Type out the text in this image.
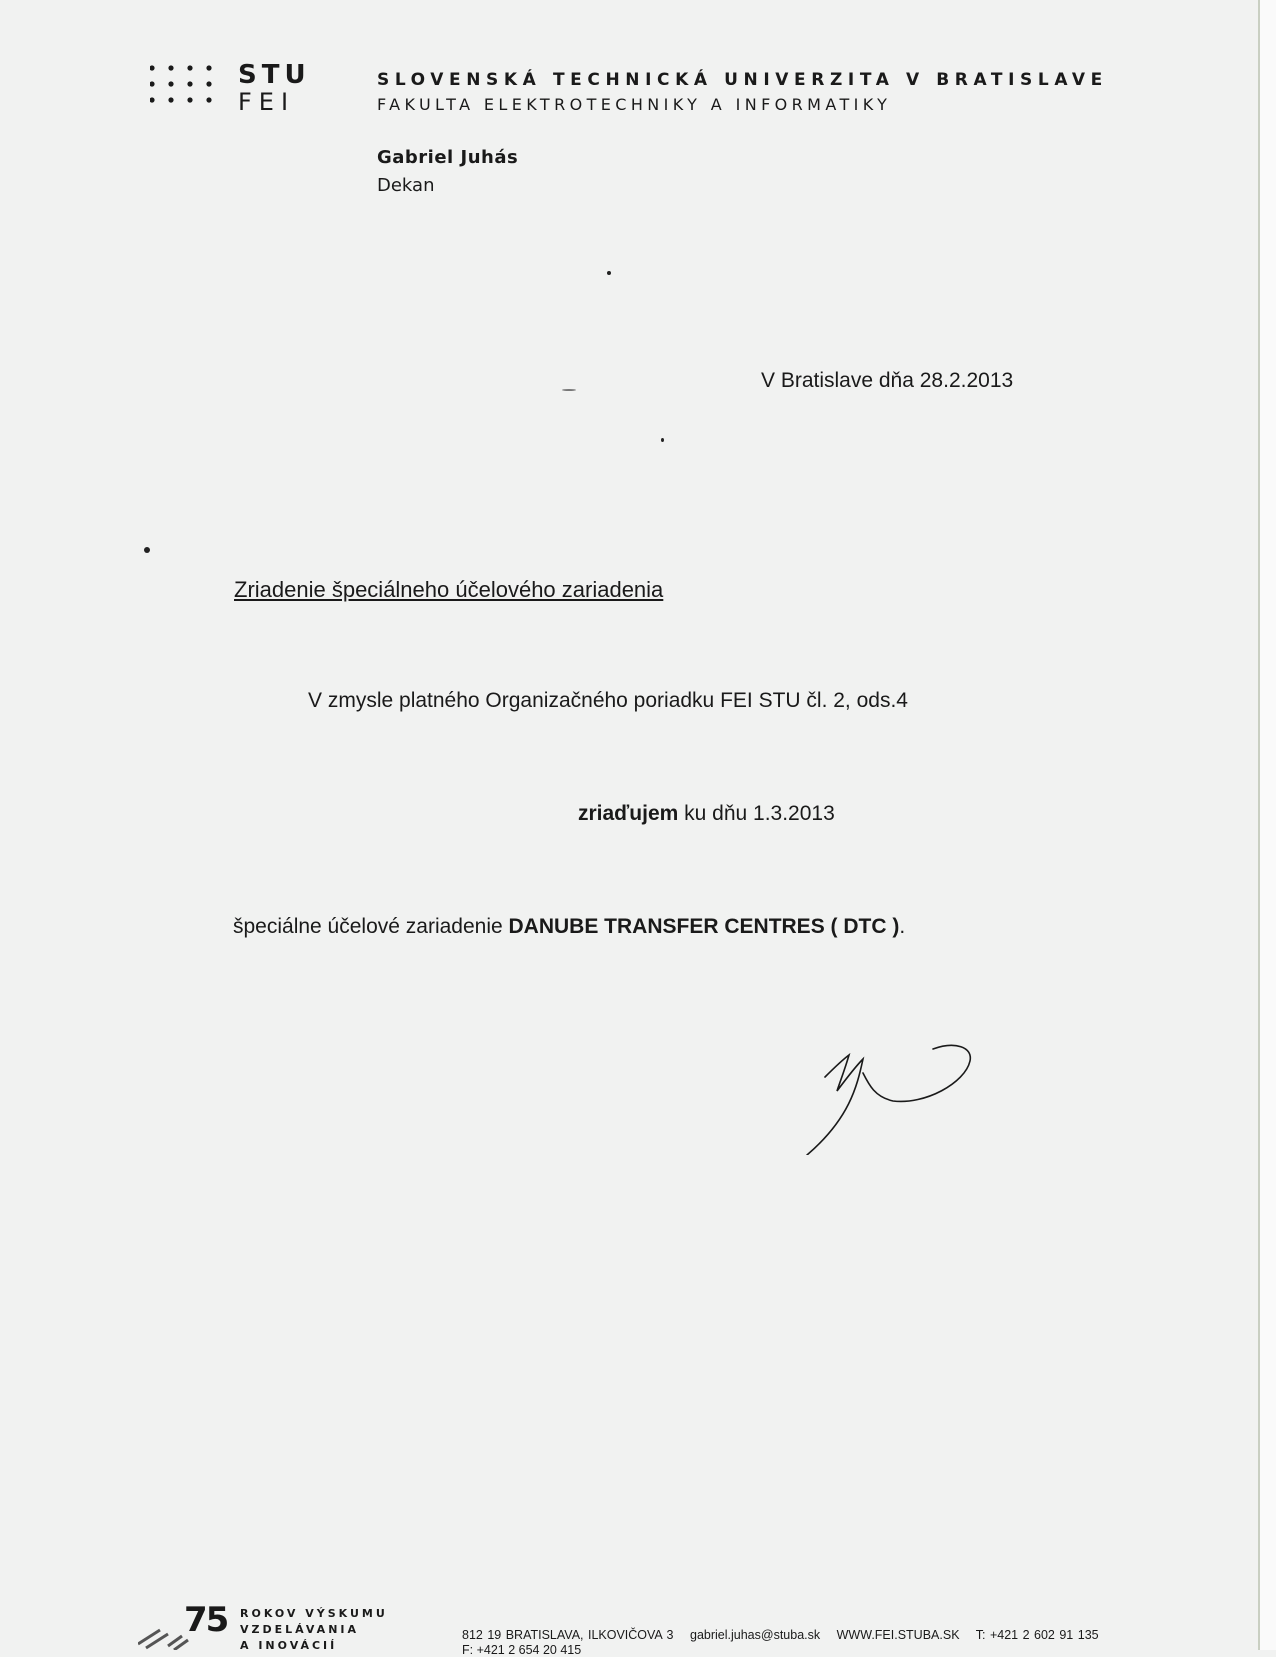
STU
FEI
SLOVENSKÁ TECHNICKÁ UNIVERZITA V BRATISLAVE
FAKULTA ELEKTROTECHNIKY A INFORMATIKY
Gabriel Juhás
Dekan
V Bratislave dňa 28.2.2013
Zriadenie špeciálneho účelového zariadenia
V zmysle platného Organizačného poriadku FEI STU čl. 2, ods.4
zriaďujem ku dňu 1.3.2013
špeciálne účelové zariadenie DANUBE TRANSFER CENTRES ( DTC ).
75 ROKOV VÝSKUMU
VZDELÁVANIA
A INOVÁCIÍ
812 19 BRATISLAVA, ILKOVIČOVA 3 gabriel.juhas@stuba.sk WWW.FEI.STUBA.SK T: +421 2 602 91 135
F: +421 2 654 20 415
